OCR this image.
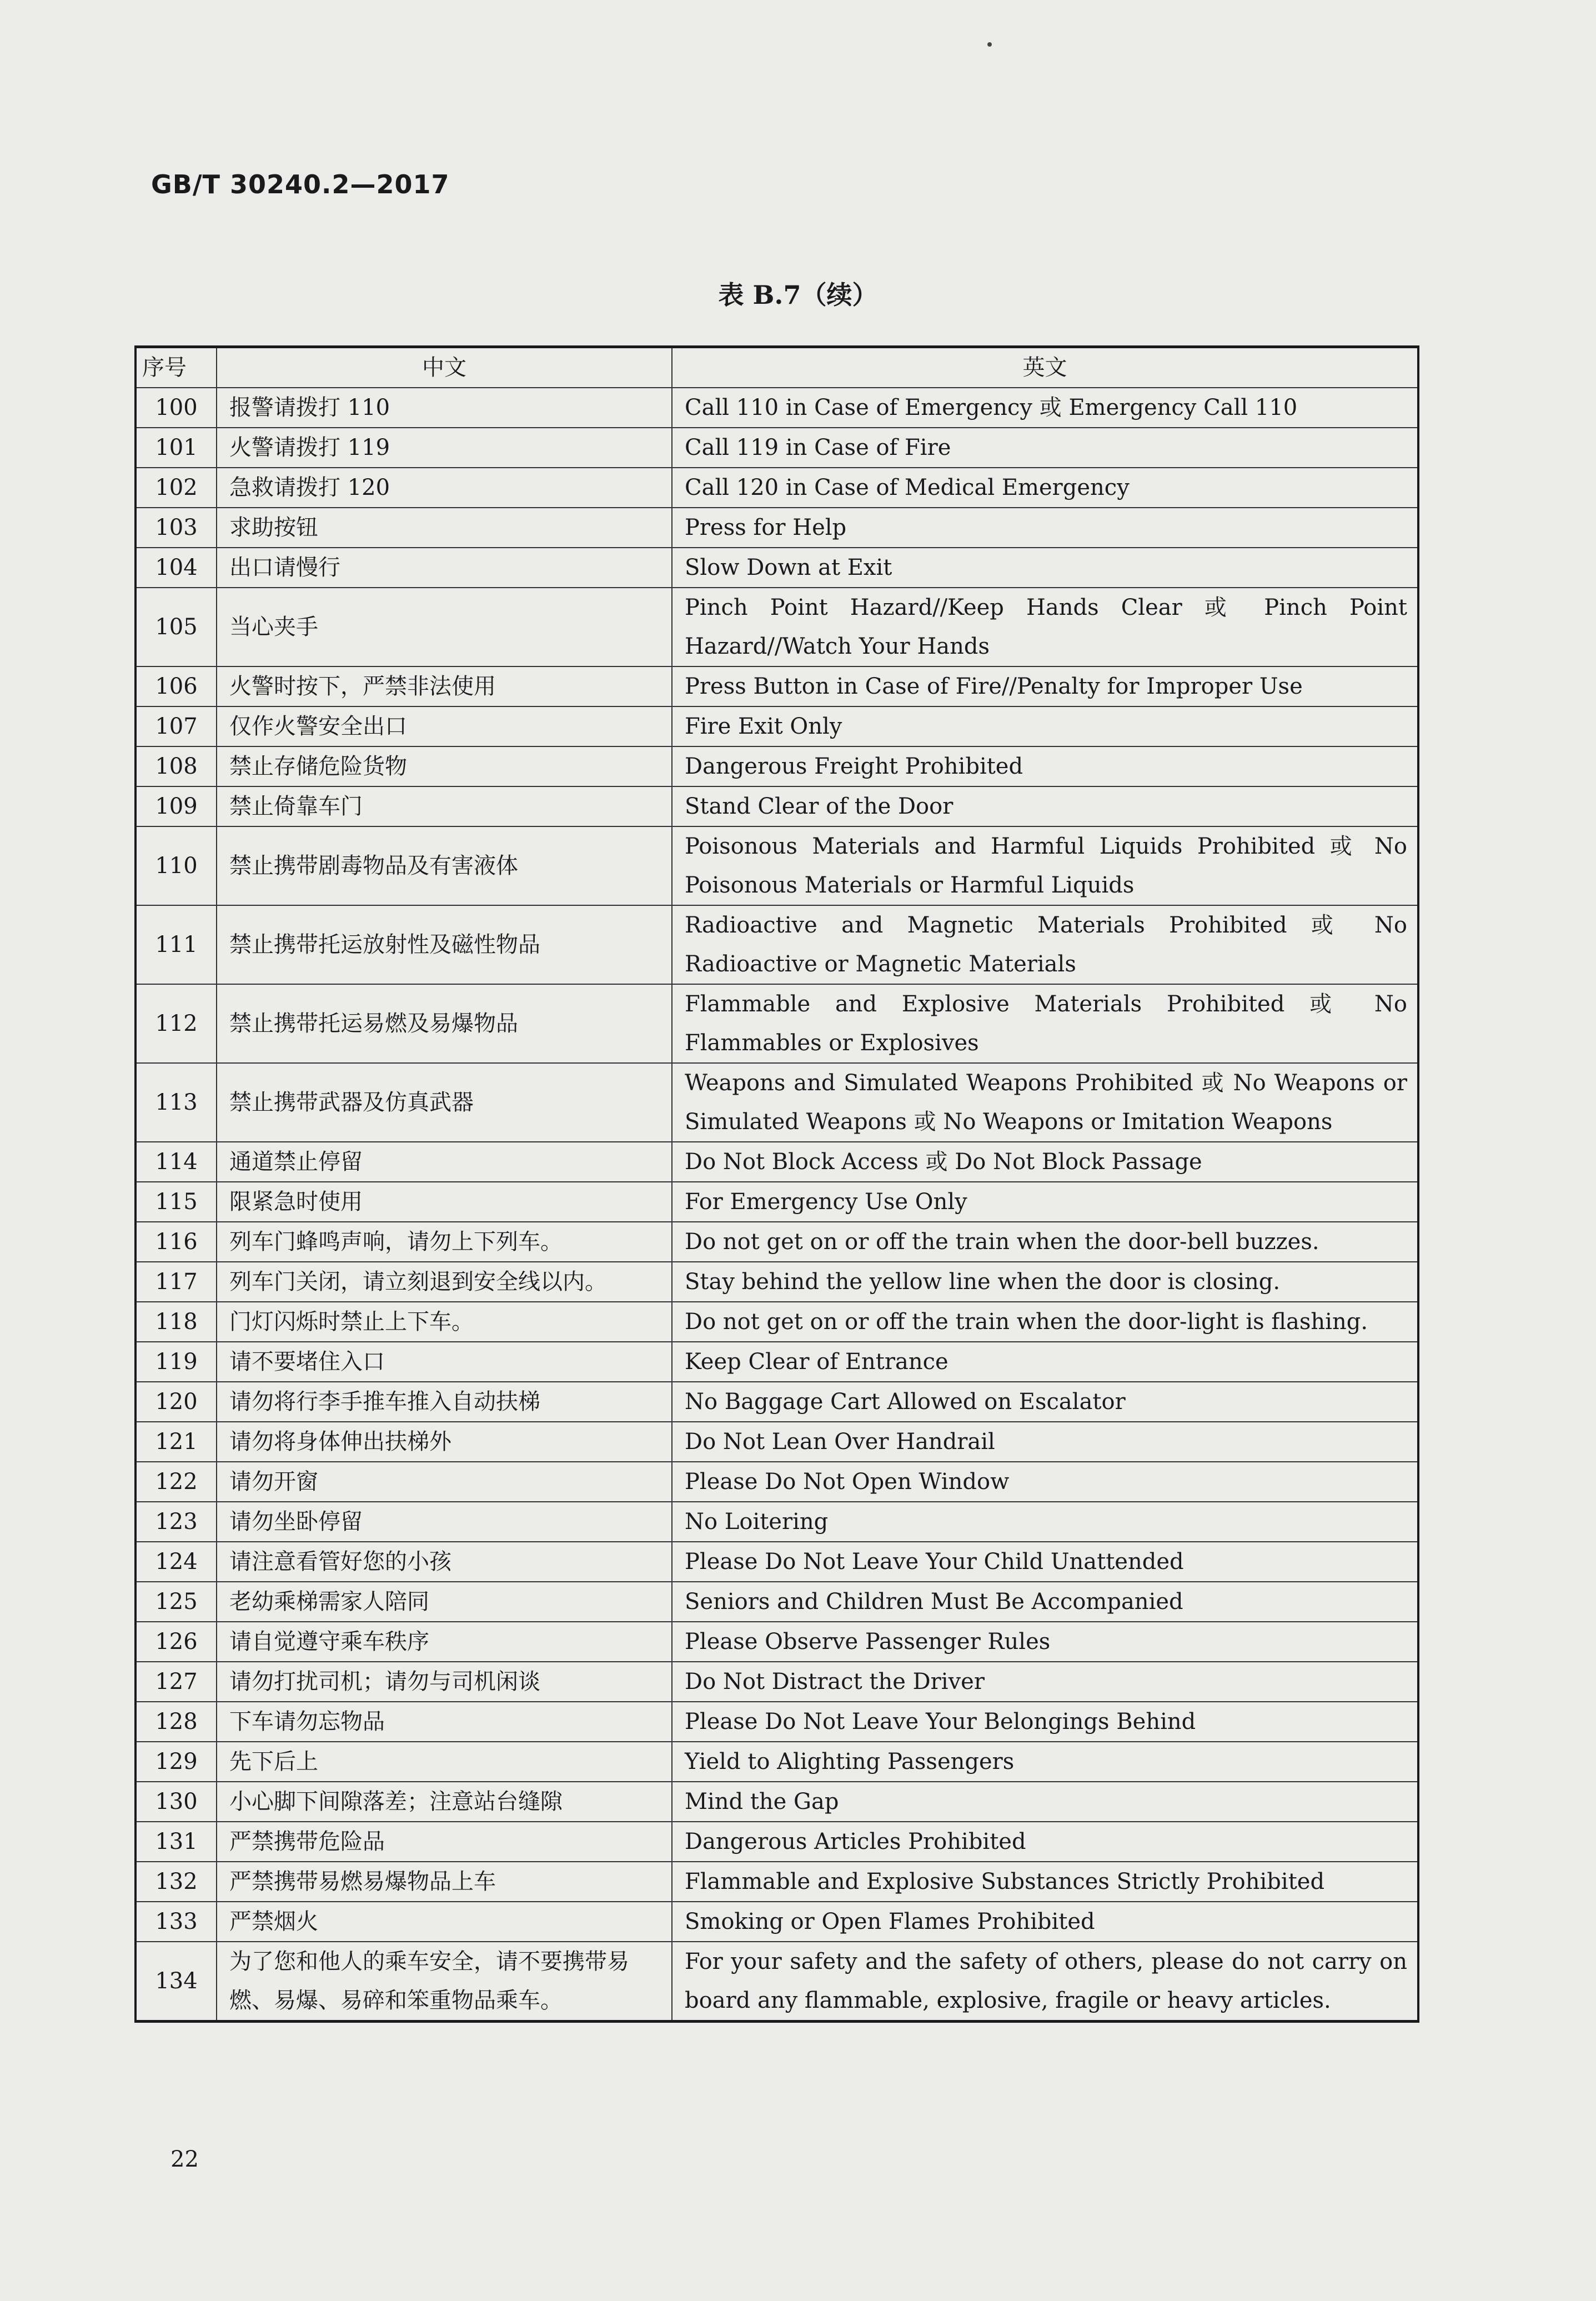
GB/T 30240.2—2017
表 B.7（续）
序号	中文	英文
100	报警请拨打 110	Call 110 in Case of Emergency 或 Emergency Call 110
101	火警请拨打 119	Call 119 in Case of Fire
102	急救请拨打 120	Call 120 in Case of Medical Emergency
103	求助按钮	Press for Help
104	出口请慢行	Slow Down at Exit
105	当心夹手	Pinch Point Hazard//Keep Hands Clear 或 Pinch Point Hazard//Watch Your Hands
106	火警时按下，严禁非法使用	Press Button in Case of Fire//Penalty for Improper Use
107	仅作火警安全出口	Fire Exit Only
108	禁止存储危险货物	Dangerous Freight Prohibited
109	禁止倚靠车门	Stand Clear of the Door
110	禁止携带剧毒物品及有害液体	Poisonous Materials and Harmful Liquids Prohibited 或 No Poisonous Materials or Harmful Liquids
111	禁止携带托运放射性及磁性物品	Radioactive and Magnetic Materials Prohibited 或 No Radioactive or Magnetic Materials
112	禁止携带托运易燃及易爆物品	Flammable and Explosive Materials Prohibited 或 No Flammables or Explosives
113	禁止携带武器及仿真武器	Weapons and Simulated Weapons Prohibited 或 No Weapons or Simulated Weapons 或 No Weapons or Imitation Weapons
114	通道禁止停留	Do Not Block Access 或 Do Not Block Passage
115	限紧急时使用	For Emergency Use Only
116	列车门蜂鸣声响，请勿上下列车。	Do not get on or off the train when the door-bell buzzes.
117	列车门关闭，请立刻退到安全线以内。	Stay behind the yellow line when the door is closing.
118	门灯闪烁时禁止上下车。	Do not get on or off the train when the door-light is flashing.
119	请不要堵住入口	Keep Clear of Entrance
120	请勿将行李手推车推入自动扶梯	No Baggage Cart Allowed on Escalator
121	请勿将身体伸出扶梯外	Do Not Lean Over Handrail
122	请勿开窗	Please Do Not Open Window
123	请勿坐卧停留	No Loitering
124	请注意看管好您的小孩	Please Do Not Leave Your Child Unattended
125	老幼乘梯需家人陪同	Seniors and Children Must Be Accompanied
126	请自觉遵守乘车秩序	Please Observe Passenger Rules
127	请勿打扰司机；请勿与司机闲谈	Do Not Distract the Driver
128	下车请勿忘物品	Please Do Not Leave Your Belongings Behind
129	先下后上	Yield to Alighting Passengers
130	小心脚下间隙落差；注意站台缝隙	Mind the Gap
131	严禁携带危险品	Dangerous Articles Prohibited
132	严禁携带易燃易爆物品上车	Flammable and Explosive Substances Strictly Prohibited
133	严禁烟火	Smoking or Open Flames Prohibited
134	为了您和他人的乘车安全，请不要携带易燃、易爆、易碎和笨重物品乘车。	For your safety and the safety of others, please do not carry on board any flammable, explosive, fragile or heavy articles.
22
